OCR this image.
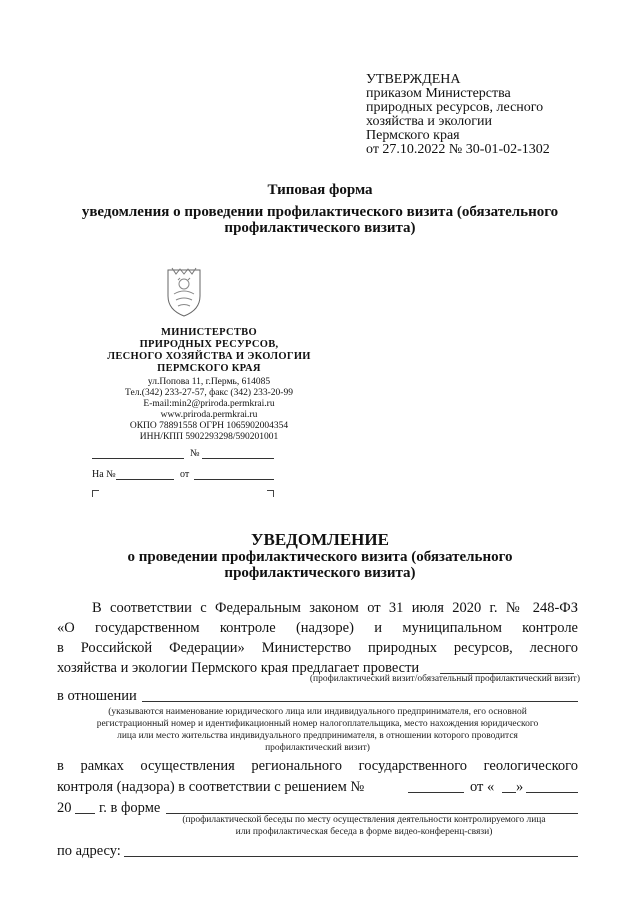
УТВЕРЖДЕНА
приказом Министерства
природных ресурсов, лесного
хозяйства и экологии
Пермского края
от 27.10.2022 № 30-01-02-1302
Типовая форма
уведомления о проведении профилактического визита (обязательного
профилактического визита)
МИНИСТЕРСТВО
ПРИРОДНЫХ РЕСУРСОВ,
ЛЕСНОГО ХОЗЯЙСТВА И ЭКОЛОГИИ
ПЕРМСКОГО КРАЯ
ул.Попова 11, г.Пермь, 614085
Тел.(342) 233-27-57, факс (342) 233-20-99
E-mail:min2@priroda.permkrai.ru
www.priroda.permkrai.ru
ОКПО 78891558 ОГРН 1065902004354
ИНН/КПП 5902293298/590201001
№
На №	от
УВЕДОМЛЕНИЕ
о проведении профилактического визита (обязательного
профилактического визита)
В соответствии с Федеральным законом от 31 июля 2020 г. № 248-ФЗ
«О государственном контроле (надзоре) и муниципальном контроле
в Российской Федерации» Министерство природных ресурсов, лесного
хозяйства и экологии Пермского края предлагает провести
(профилактический визит/обязательный профилактический визит)
в отношении
(указываются наименование юридического лица или индивидуального предпринимателя, его основной
регистрационный номер и идентификационный номер налогоплательщика, место нахождения юридического
лица или место жительства индивидуального предпринимателя, в отношении которого проводится
профилактический визит)
в рамках осуществления регионального государственного геологического
контроля (надзора) в соответствии с решением №	от « »
20 г. в форме
(профилактической беседы по месту осуществления деятельности контролируемого лица
или профилактическая беседа в форме видео-конференц-связи)
по адресу:
